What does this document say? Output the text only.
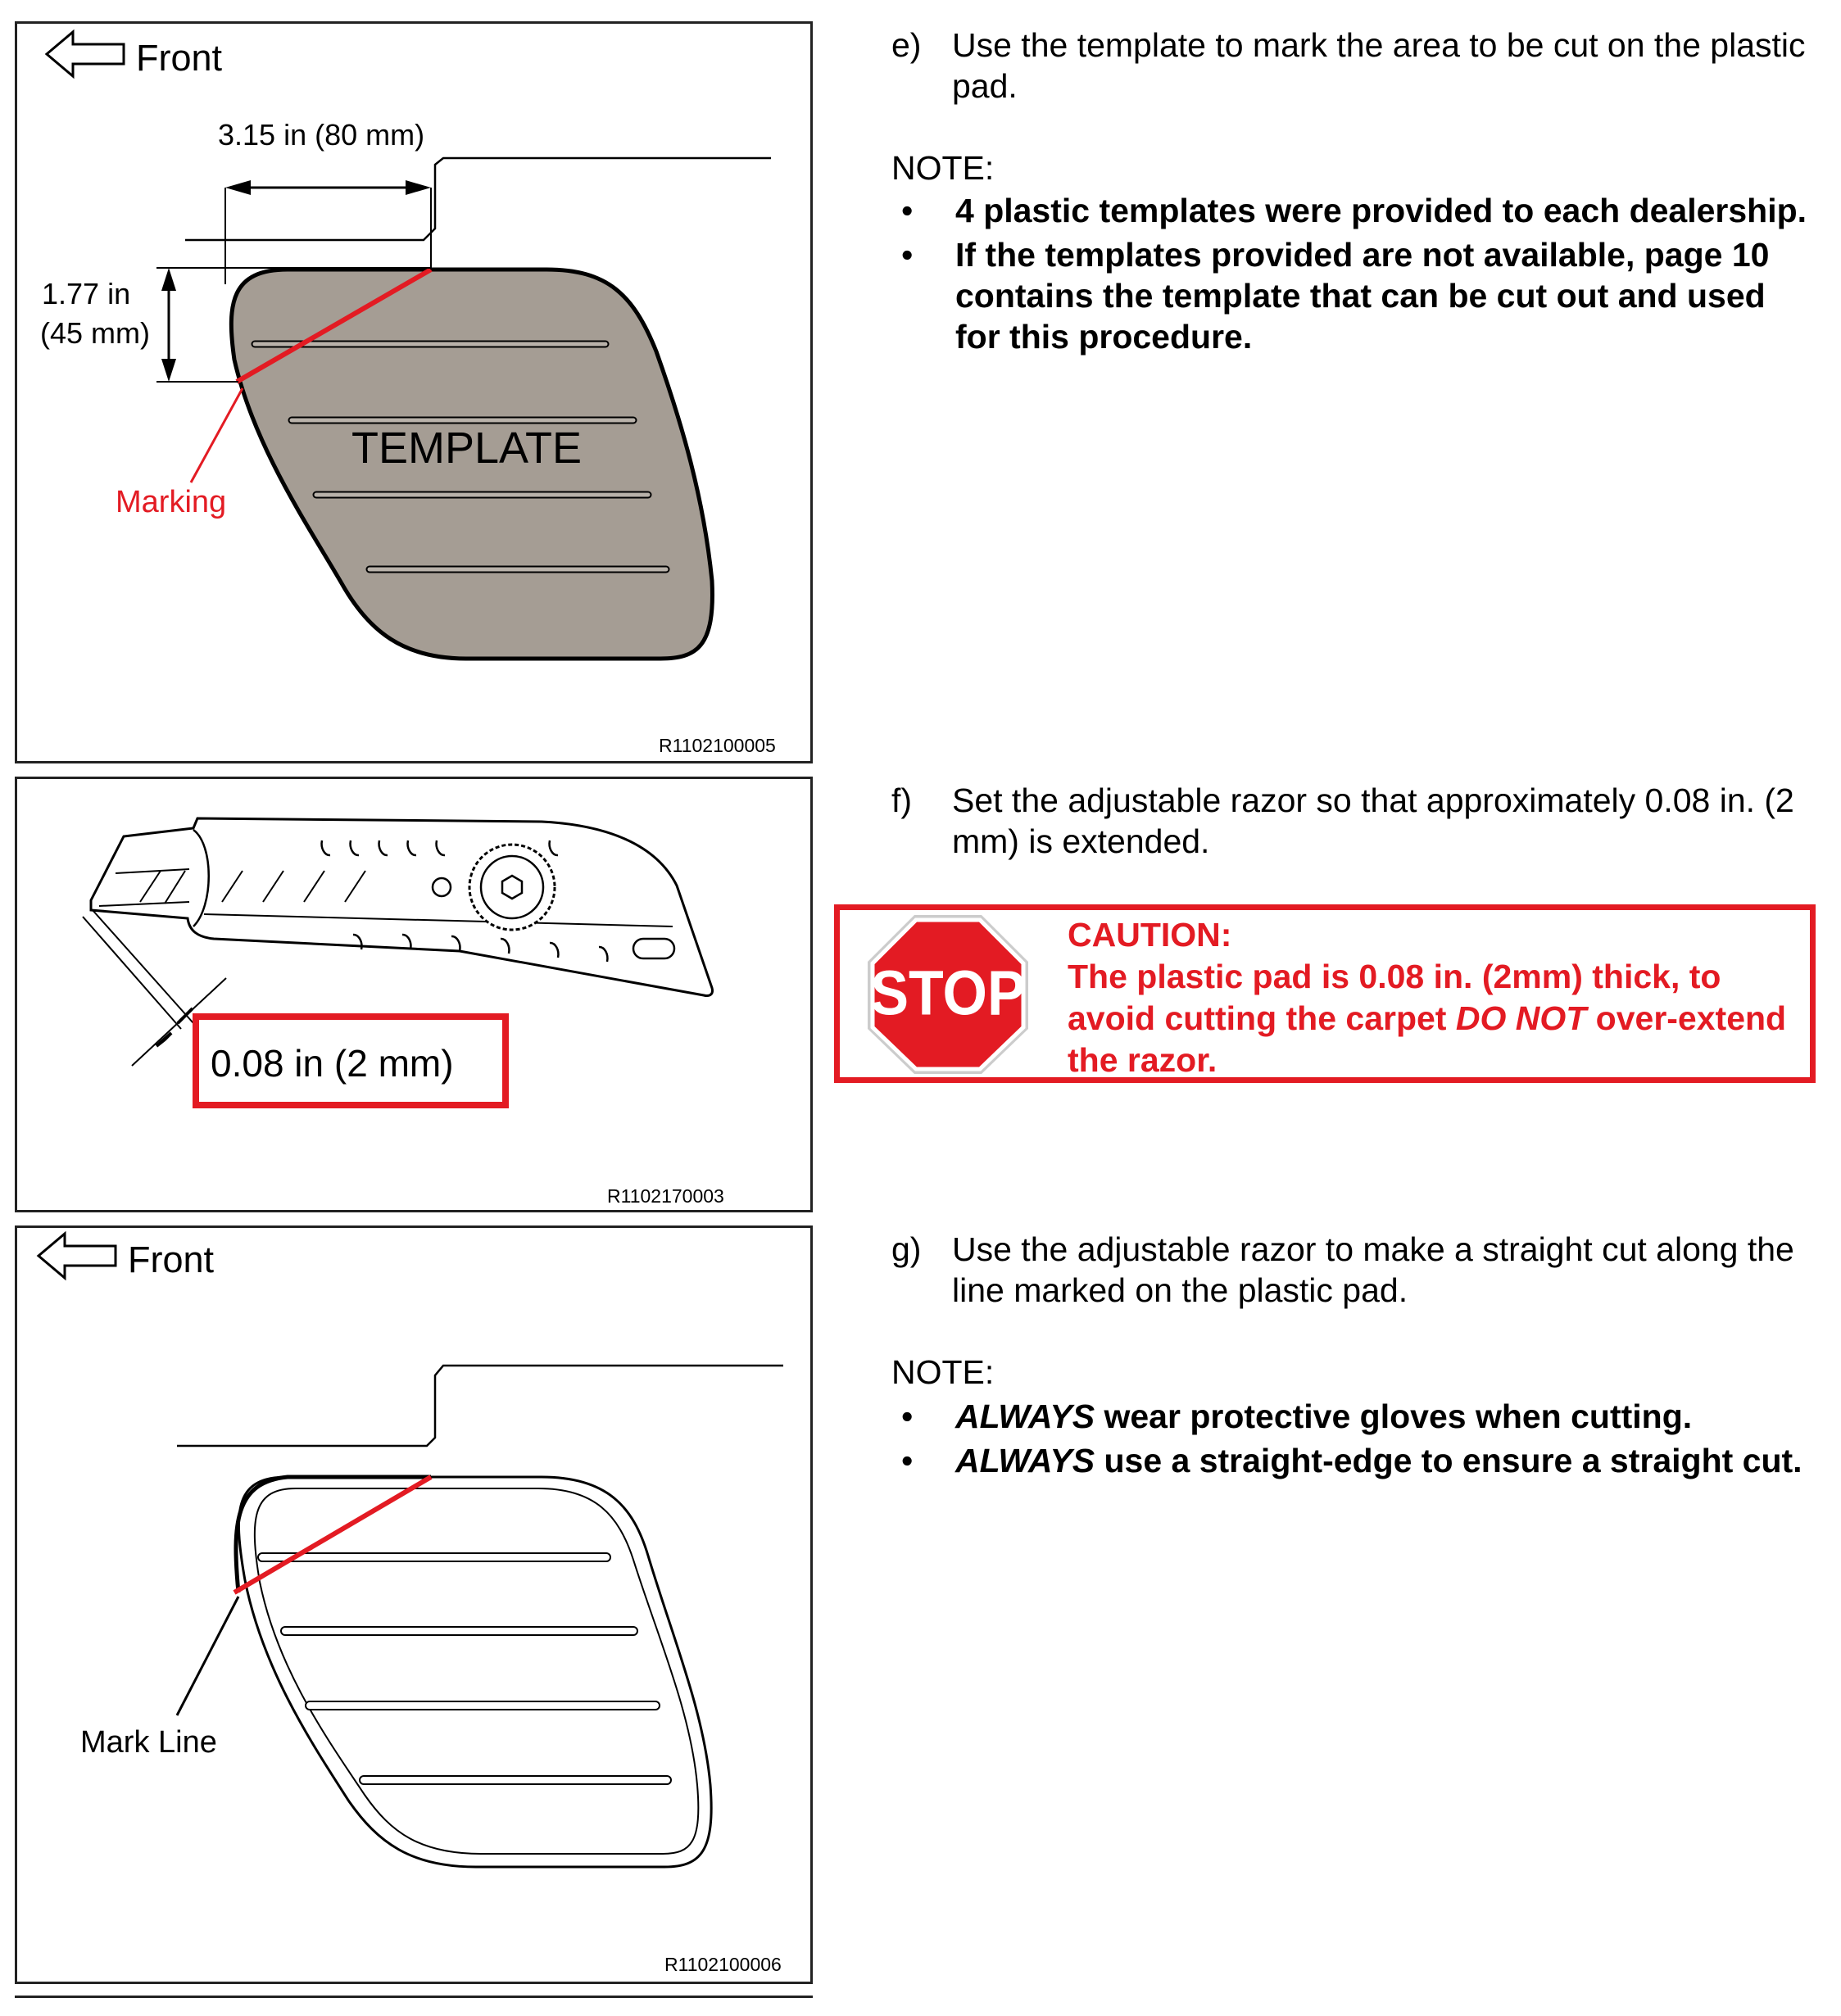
Front
3.15 in (80 mm)
1.77 in
(45 mm)
TEMPLATE
Marking
R1102100005
0.08 in (2 mm)
R1102170003
Front
Mark Line
R1102100006
e) Use the template to mark the area to be cut on the plastic pad.
NOTE:
• 4 plastic templates were provided to each dealership.
• If the templates provided are not available, page 10 contains the template that can be cut out and used for this procedure.
f) Set the adjustable razor so that approximately 0.08 in. (2 mm) is extended.
STOP
CAUTION:
The plastic pad is 0.08 in. (2mm) thick, to avoid cutting the carpet DO NOT over-extend the razor.
g) Use the adjustable razor to make a straight cut along the line marked on the plastic pad.
NOTE:
• ALWAYS wear protective gloves when cutting.
• ALWAYS use a straight-edge to ensure a straight cut.
